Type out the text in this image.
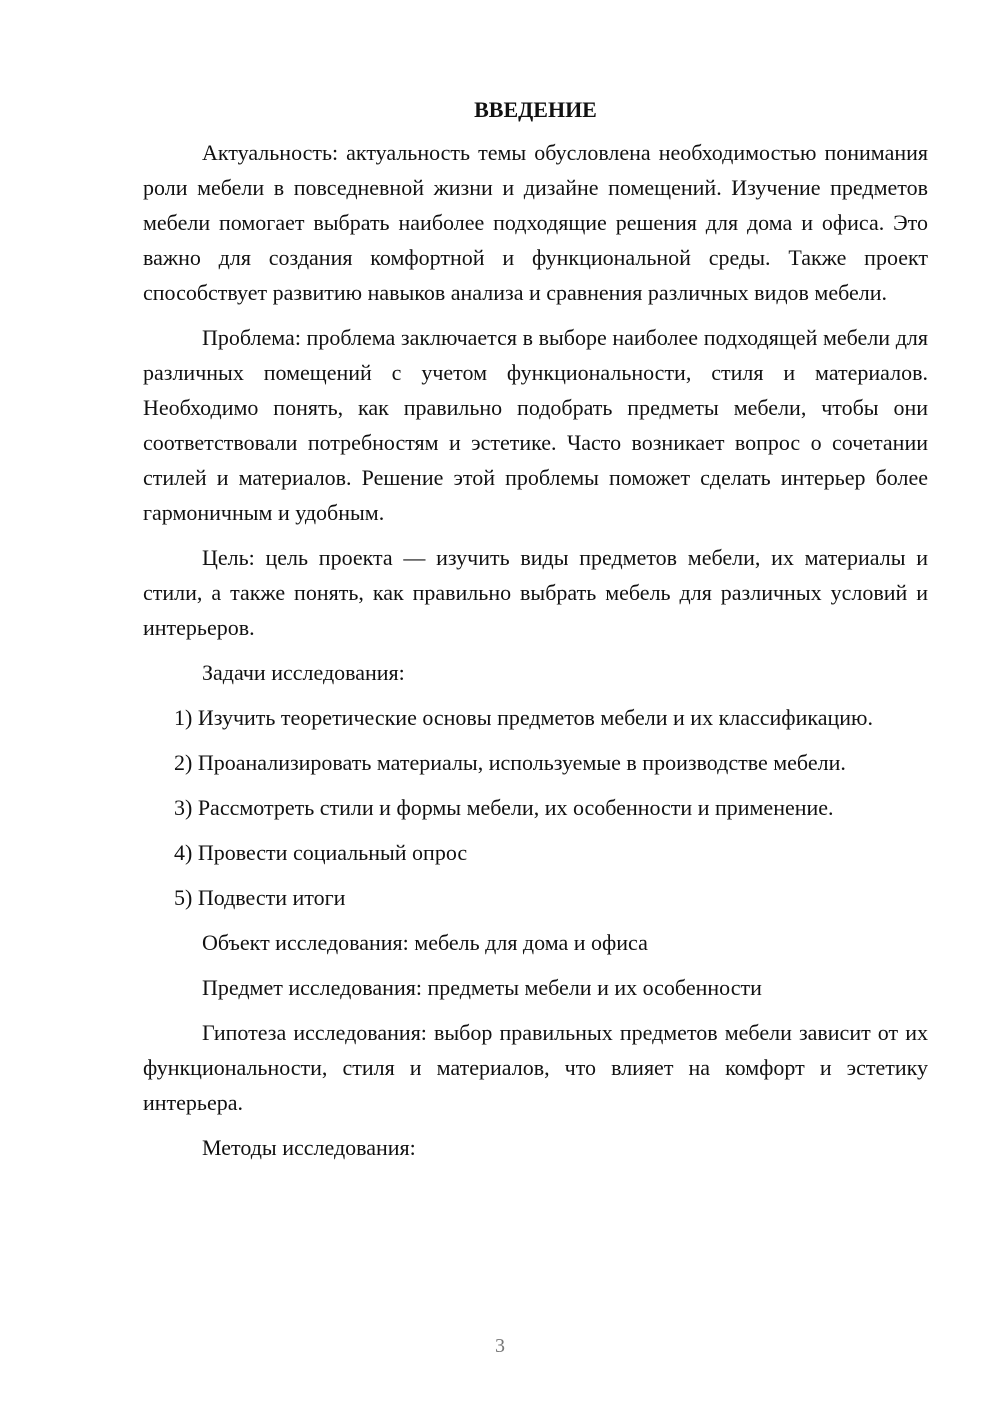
ВВЕДЕНИЕ

Актуальность: актуальность темы обусловлена необходимостью понимания роли мебели в повседневной жизни и дизайне помещений. Изучение предметов мебели помогает выбрать наиболее подходящие решения для дома и офиса. Это важно для создания комфортной и функциональной среды. Также проект способствует развитию навыков анализа и сравнения различных видов мебели.

Проблема: проблема заключается в выборе наиболее подходящей мебели для различных помещений с учетом функциональности, стиля и материалов. Необходимо понять, как правильно подобрать предметы мебели, чтобы они соответствовали потребностям и эстетике. Часто возникает вопрос о сочетании стилей и материалов. Решение этой проблемы поможет сделать интерьер более гармоничным и удобным.

Цель: цель проекта — изучить виды предметов мебели, их материалы и стили, а также понять, как правильно выбрать мебель для различных условий и интерьеров.

Задачи исследования:

1) Изучить теоретические основы предметов мебели и их классификацию.

2) Проанализировать материалы, используемые в производстве мебели.

3) Рассмотреть стили и формы мебели, их особенности и применение.

4) Провести социальный опрос

5) Подвести итоги

Объект исследования: мебель для дома и офиса

Предмет исследования: предметы мебели и их особенности

Гипотеза исследования: выбор правильных предметов мебели зависит от их функциональности, стиля и материалов, что влияет на комфорт и эстетику интерьера.

Методы исследования:

3
